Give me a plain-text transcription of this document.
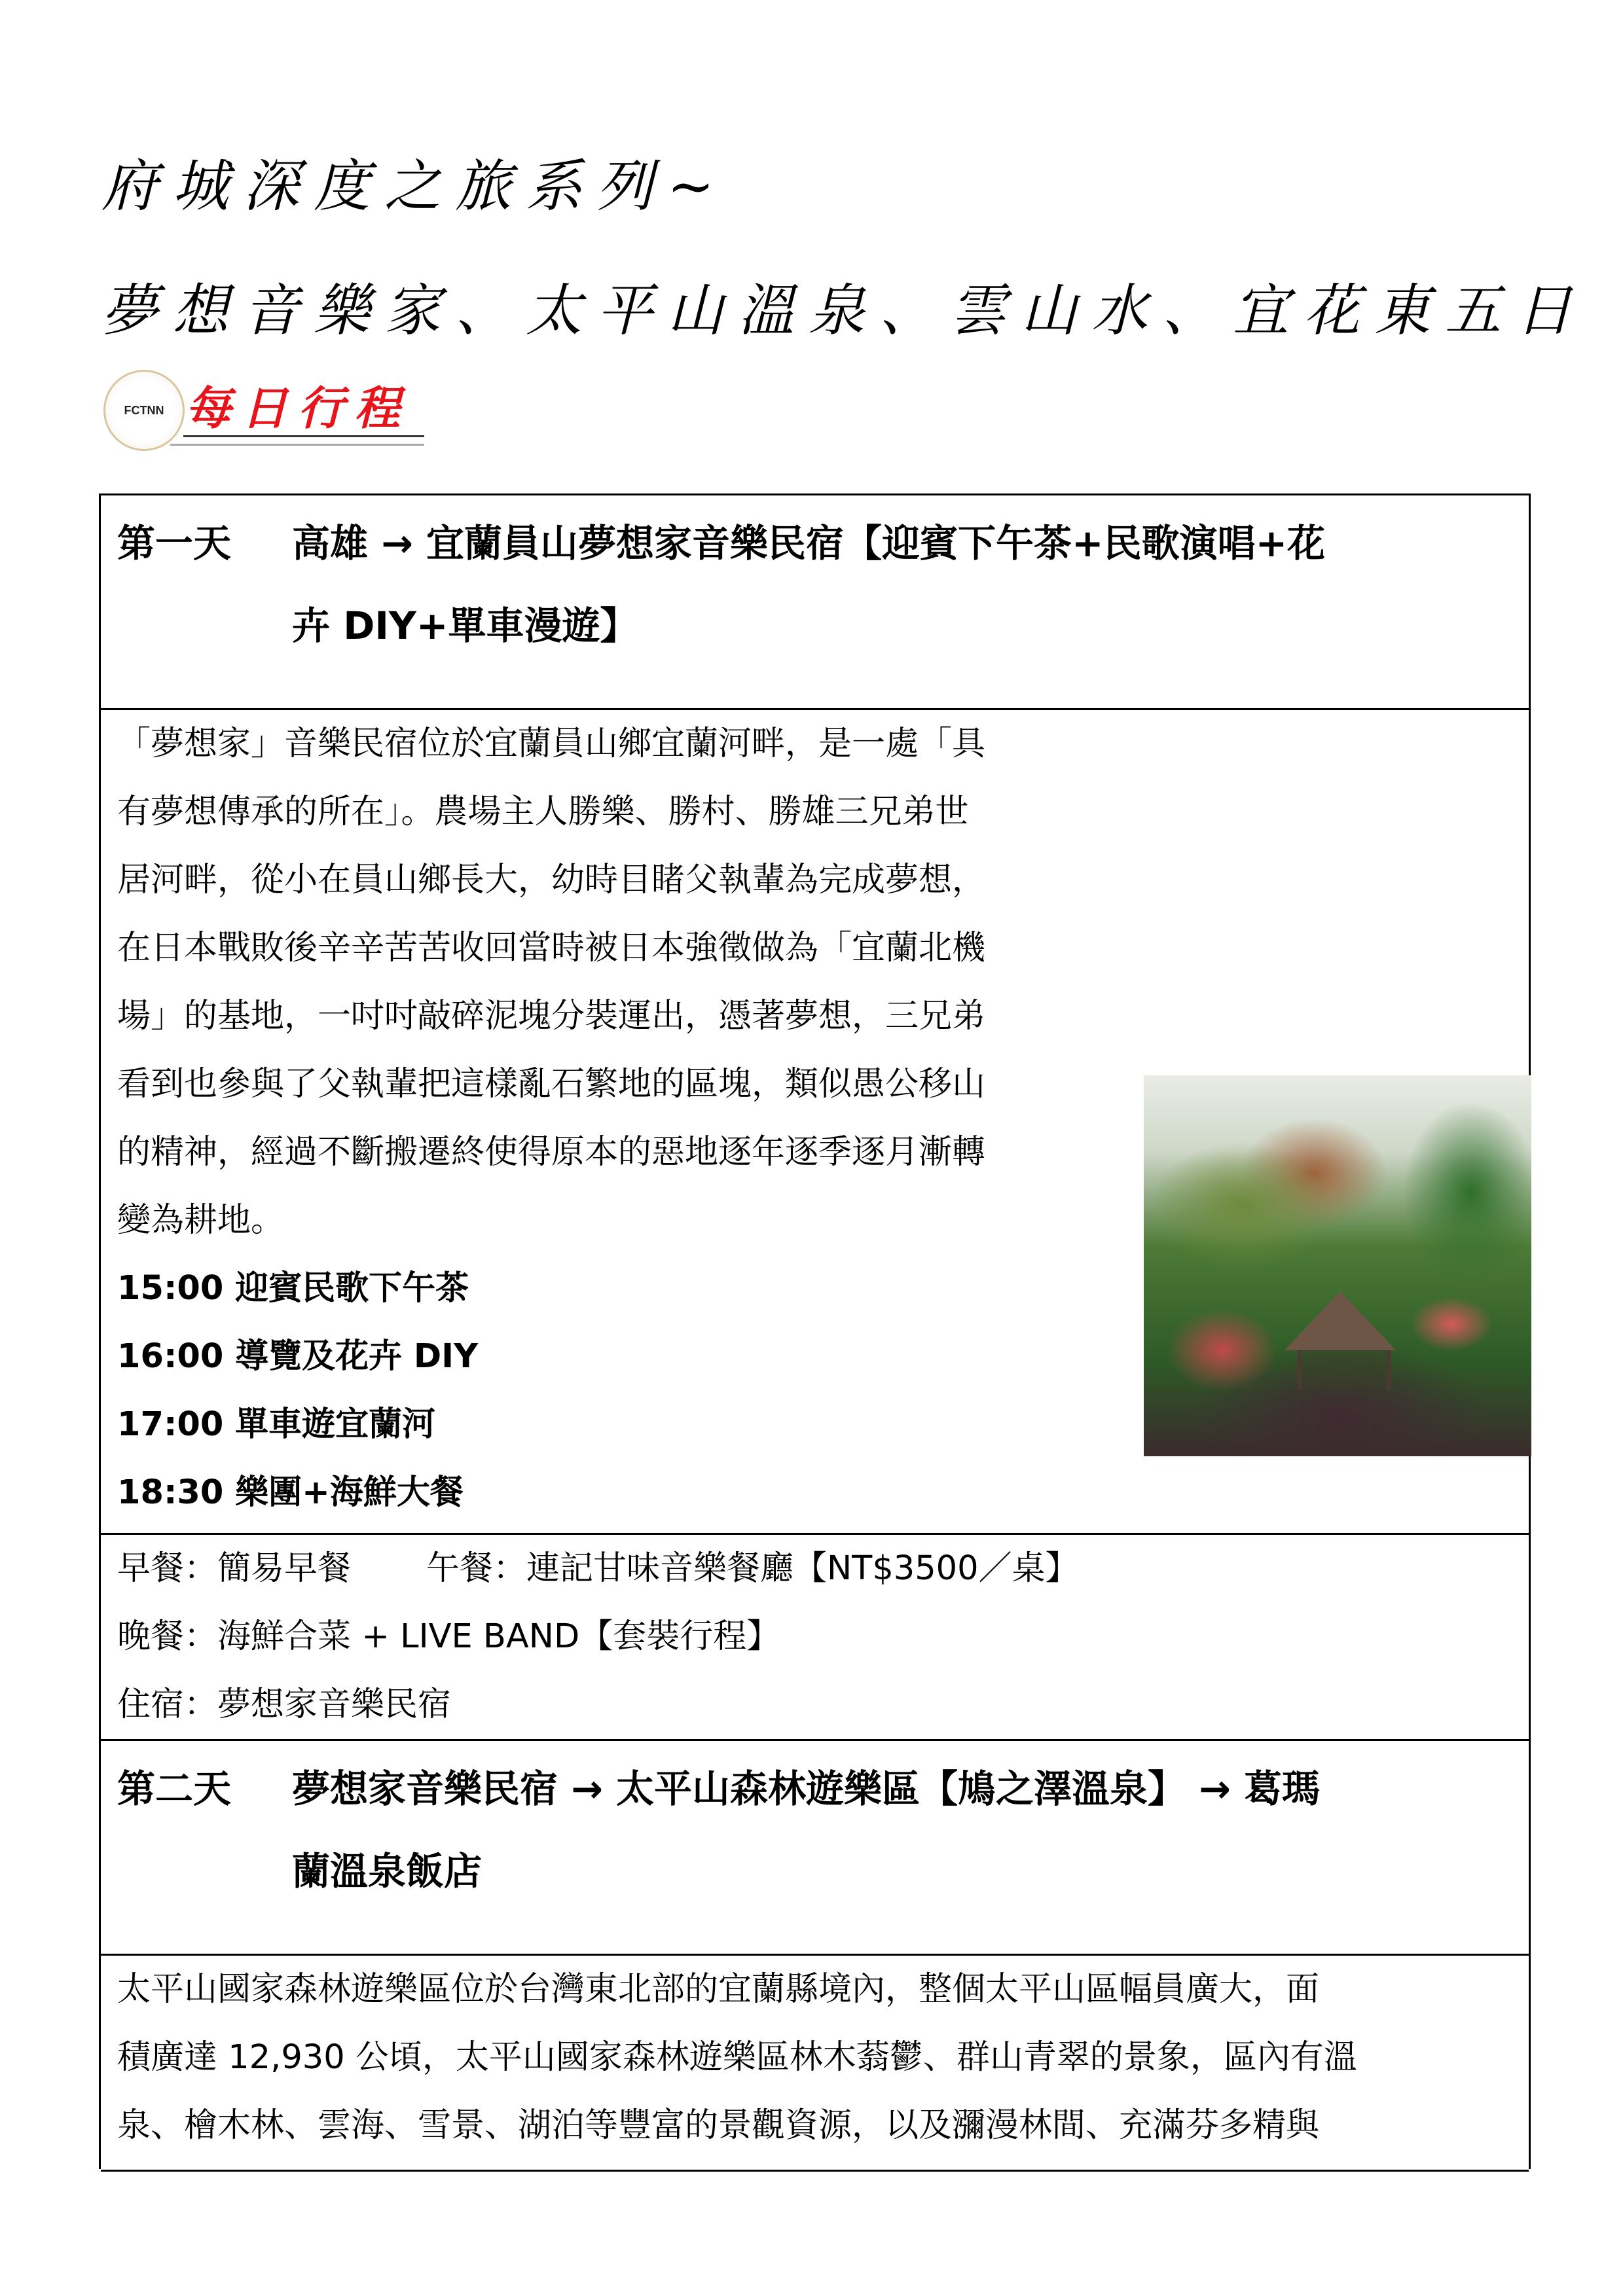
府城深度之旅系列~
夢想音樂家、太平山溫泉、雲山水、宜花東五日
FCTNN 每日行程
第一天 高雄 → 宜蘭員山夢想家音樂民宿【迎賓下午茶+民歌演唱+花
卉 DIY+單車漫遊】
「夢想家」音樂民宿位於宜蘭員山鄉宜蘭河畔，是一處「具
有夢想傳承的所在」。農場主人勝樂、勝村、勝雄三兄弟世
居河畔，從小在員山鄉長大，幼時目睹父執輩為完成夢想，
在日本戰敗後辛辛苦苦收回當時被日本強徵做為「宜蘭北機
場」的基地，一吋吋敲碎泥塊分裝運出，憑著夢想，三兄弟
看到也參與了父執輩把這樣亂石繁地的區塊，類似愚公移山
的精神，經過不斷搬遷終使得原本的惡地逐年逐季逐月漸轉
變為耕地。
15:00 迎賓民歌下午茶
16:00 導覽及花卉 DIY
17:00 單車遊宜蘭河
18:30 樂團+海鮮大餐
早餐：簡易早餐 午餐：連記甘味音樂餐廳【NT$3500／桌】
晚餐：海鮮合菜 + LIVE BAND【套裝行程】
住宿：夢想家音樂民宿
第二天 夢想家音樂民宿 → 太平山森林遊樂區【鳩之澤溫泉】 → 葛瑪
蘭溫泉飯店
太平山國家森林遊樂區位於台灣東北部的宜蘭縣境內，整個太平山區幅員廣大，面
積廣達 12,930 公頃，太平山國家森林遊樂區林木蓊鬱、群山青翠的景象，區內有溫
泉、檜木林、雲海、雪景、湖泊等豐富的景觀資源，以及瀰漫林間、充滿芬多精與
